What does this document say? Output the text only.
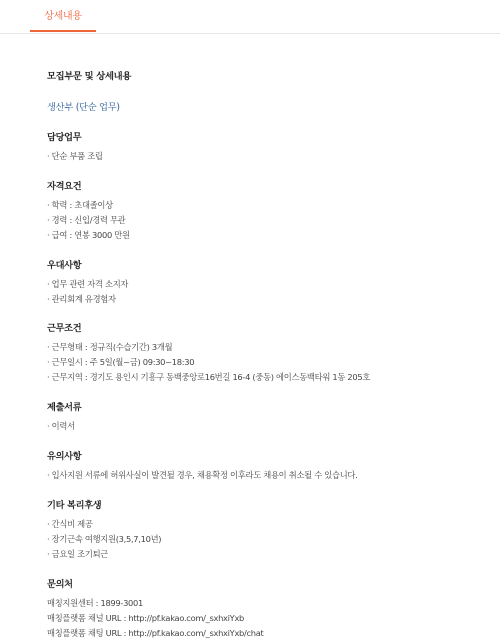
상세내용
모집부문 및 상세내용
생산부 (단순 업무)
담당업무
· 단순 부품 조립
자격요건
· 학력 : 초대졸이상
· 경력 : 신입/경력 무관
· 급여 : 연봉 3000 만원
우대사항
· 업무 관련 자격 소지자
· 관리회계 유경험자
근무조건
· 근무형태 : 정규직(수습기간) 3개월
· 근무일시 : 주 5일(월~금) 09:30~18:30
· 근무지역 : 경기도 용인시 기흥구 동백중앙로16번길 16-4 (중동) 에이스동백타워 1동 205호
제출서류
· 이력서
유의사항
· 입사지원 서류에 허위사실이 발견될 경우, 채용확정 이후라도 채용이 취소될 수 있습니다.
기타 복리후생
· 간식비 제공
· 장기근속 여행지원(3,5,7,10년)
· 금요일 조기퇴근
문의처
매칭지원센터 : 1899-3001
매칭플랫폼 채널 URL : http://pf.kakao.com/_sxhxiYxb
매칭플랫폼 채팅 URL : http://pf.kakao.com/_sxhxiYxb/chat
